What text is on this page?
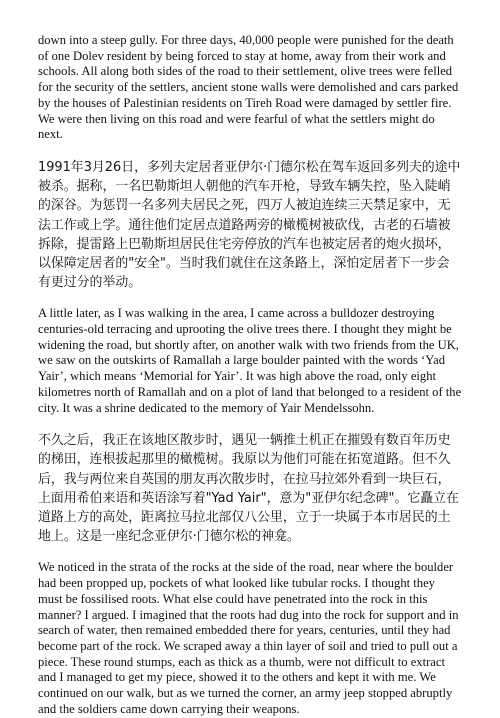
down into a steep gully. For three days, 40,000 people were punished for the death of one Dolev resident by being forced to stay at home, away from their work and schools. All along both sides of the road to their settlement, olive trees were felled for the security of the settlers, ancient stone walls were demolished and cars parked by the houses of Palestinian residents on Tireh Road were damaged by settler fire. We were then living on this road and were fearful of what the settlers might do next.

1991年3月26日，多列夫定居者亚伊尔·门德尔松在驾车返回多列夫的途中被杀。据称，一名巴勒斯坦人朝他的汽车开枪，导致车辆失控，坠入陡峭的深谷。为惩罚一名多列夫居民之死，四万人被迫连续三天禁足家中，无法工作或上学。通往他们定居点道路两旁的橄榄树被砍伐，古老的石墙被拆除，提雷路上巴勒斯坦居民住宅旁停放的汽车也被定居者的炮火损坏，以保障定居者的"安全"。当时我们就住在这条路上，深怕定居者下一步会有更过分的举动。

A little later, as I was walking in the area, I came across a bulldozer destroying centuries-old terracing and uprooting the olive trees there. I thought they might be widening the road, but shortly after, on another walk with two friends from the UK, we saw on the outskirts of Ramallah a large boulder painted with the words ‘Yad Yair’, which means ‘Memorial for Yair’. It was high above the road, only eight kilometres north of Ramallah and on a plot of land that belonged to a resident of the city. It was a shrine dedicated to the memory of Yair Mendelssohn.

不久之后，我正在该地区散步时，遇见一辆推土机正在摧毁有数百年历史的梯田，连根拔起那里的橄榄树。我原以为他们可能在拓宽道路。但不久后，我与两位来自英国的朋友再次散步时，在拉马拉郊外看到一块巨石，上面用希伯来语和英语涂写着"Yad Yair"，意为"亚伊尔纪念碑"。它矗立在道路上方的高处，距离拉马拉北部仅八公里，立于一块属于本市居民的土地上。这是一座纪念亚伊尔·门德尔松的神龛。

We noticed in the strata of the rocks at the side of the road, near where the boulder had been propped up, pockets of what looked like tubular rocks. I thought they must be fossilised roots. What else could have penetrated into the rock in this manner? I argued. I imagined that the roots had dug into the rock for support and in search of water, then remained embedded there for years, centuries, until they had become part of the rock. We scraped away a thin layer of soil and tried to pull out a piece. These round stumps, each as thick as a thumb, were not difficult to extract and I managed to get my piece, showed it to the others and kept it with me. We continued on our walk, but as we turned the corner, an army jeep stopped abruptly and the soldiers came down carrying their weapons.
